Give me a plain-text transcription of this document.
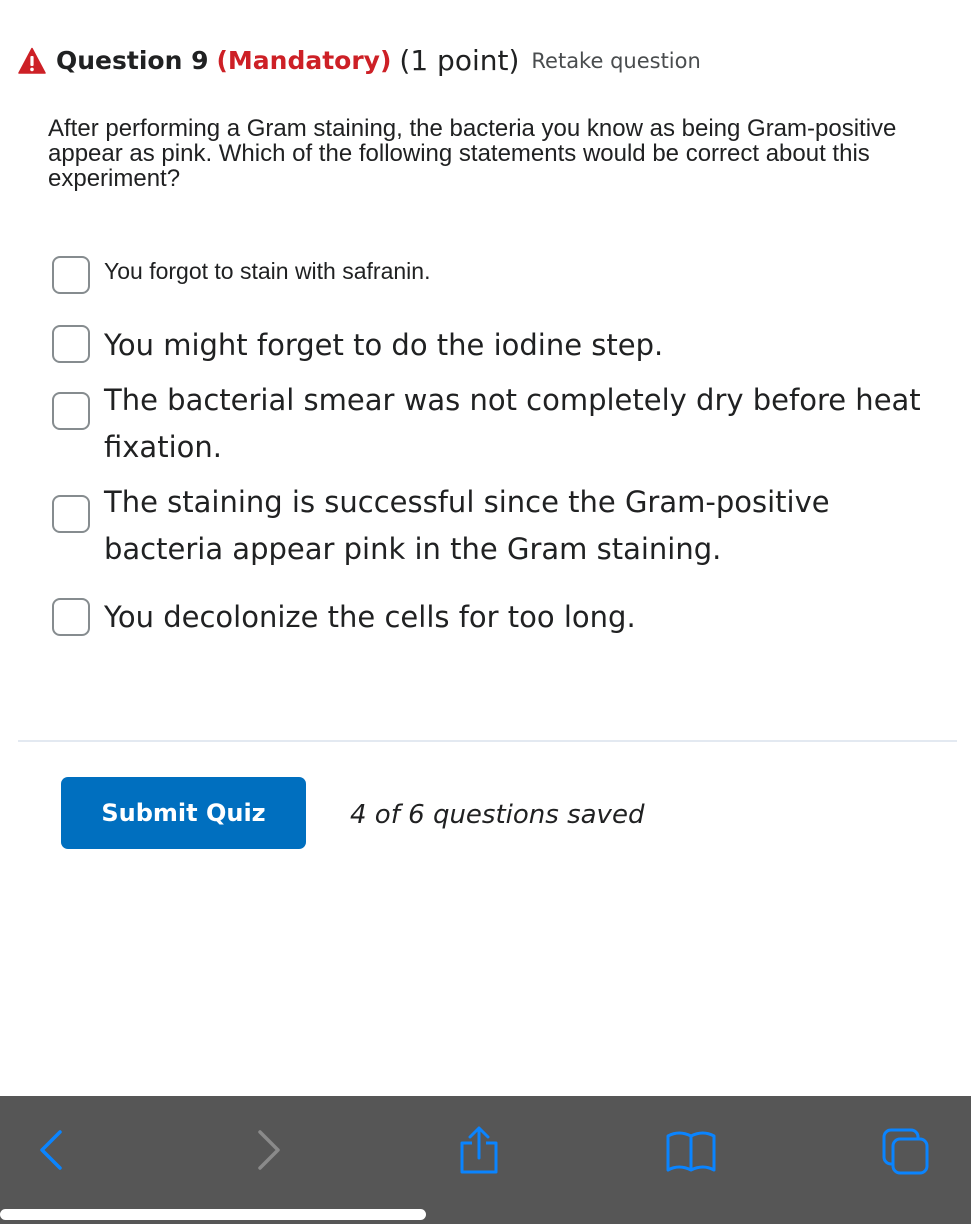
Question 9 (Mandatory) (1 point) Retake question
After performing a Gram staining, the bacteria you know as being Gram-positive appear as pink. Which of the following statements would be correct about this experiment?
You forgot to stain with safranin.
You might forget to do the iodine step.
The bacterial smear was not completely dry before heat fixation.
The staining is successful since the Gram-positive bacteria appear pink in the Gram staining.
You decolonize the cells for too long.
Submit Quiz	4 of 6 questions saved
